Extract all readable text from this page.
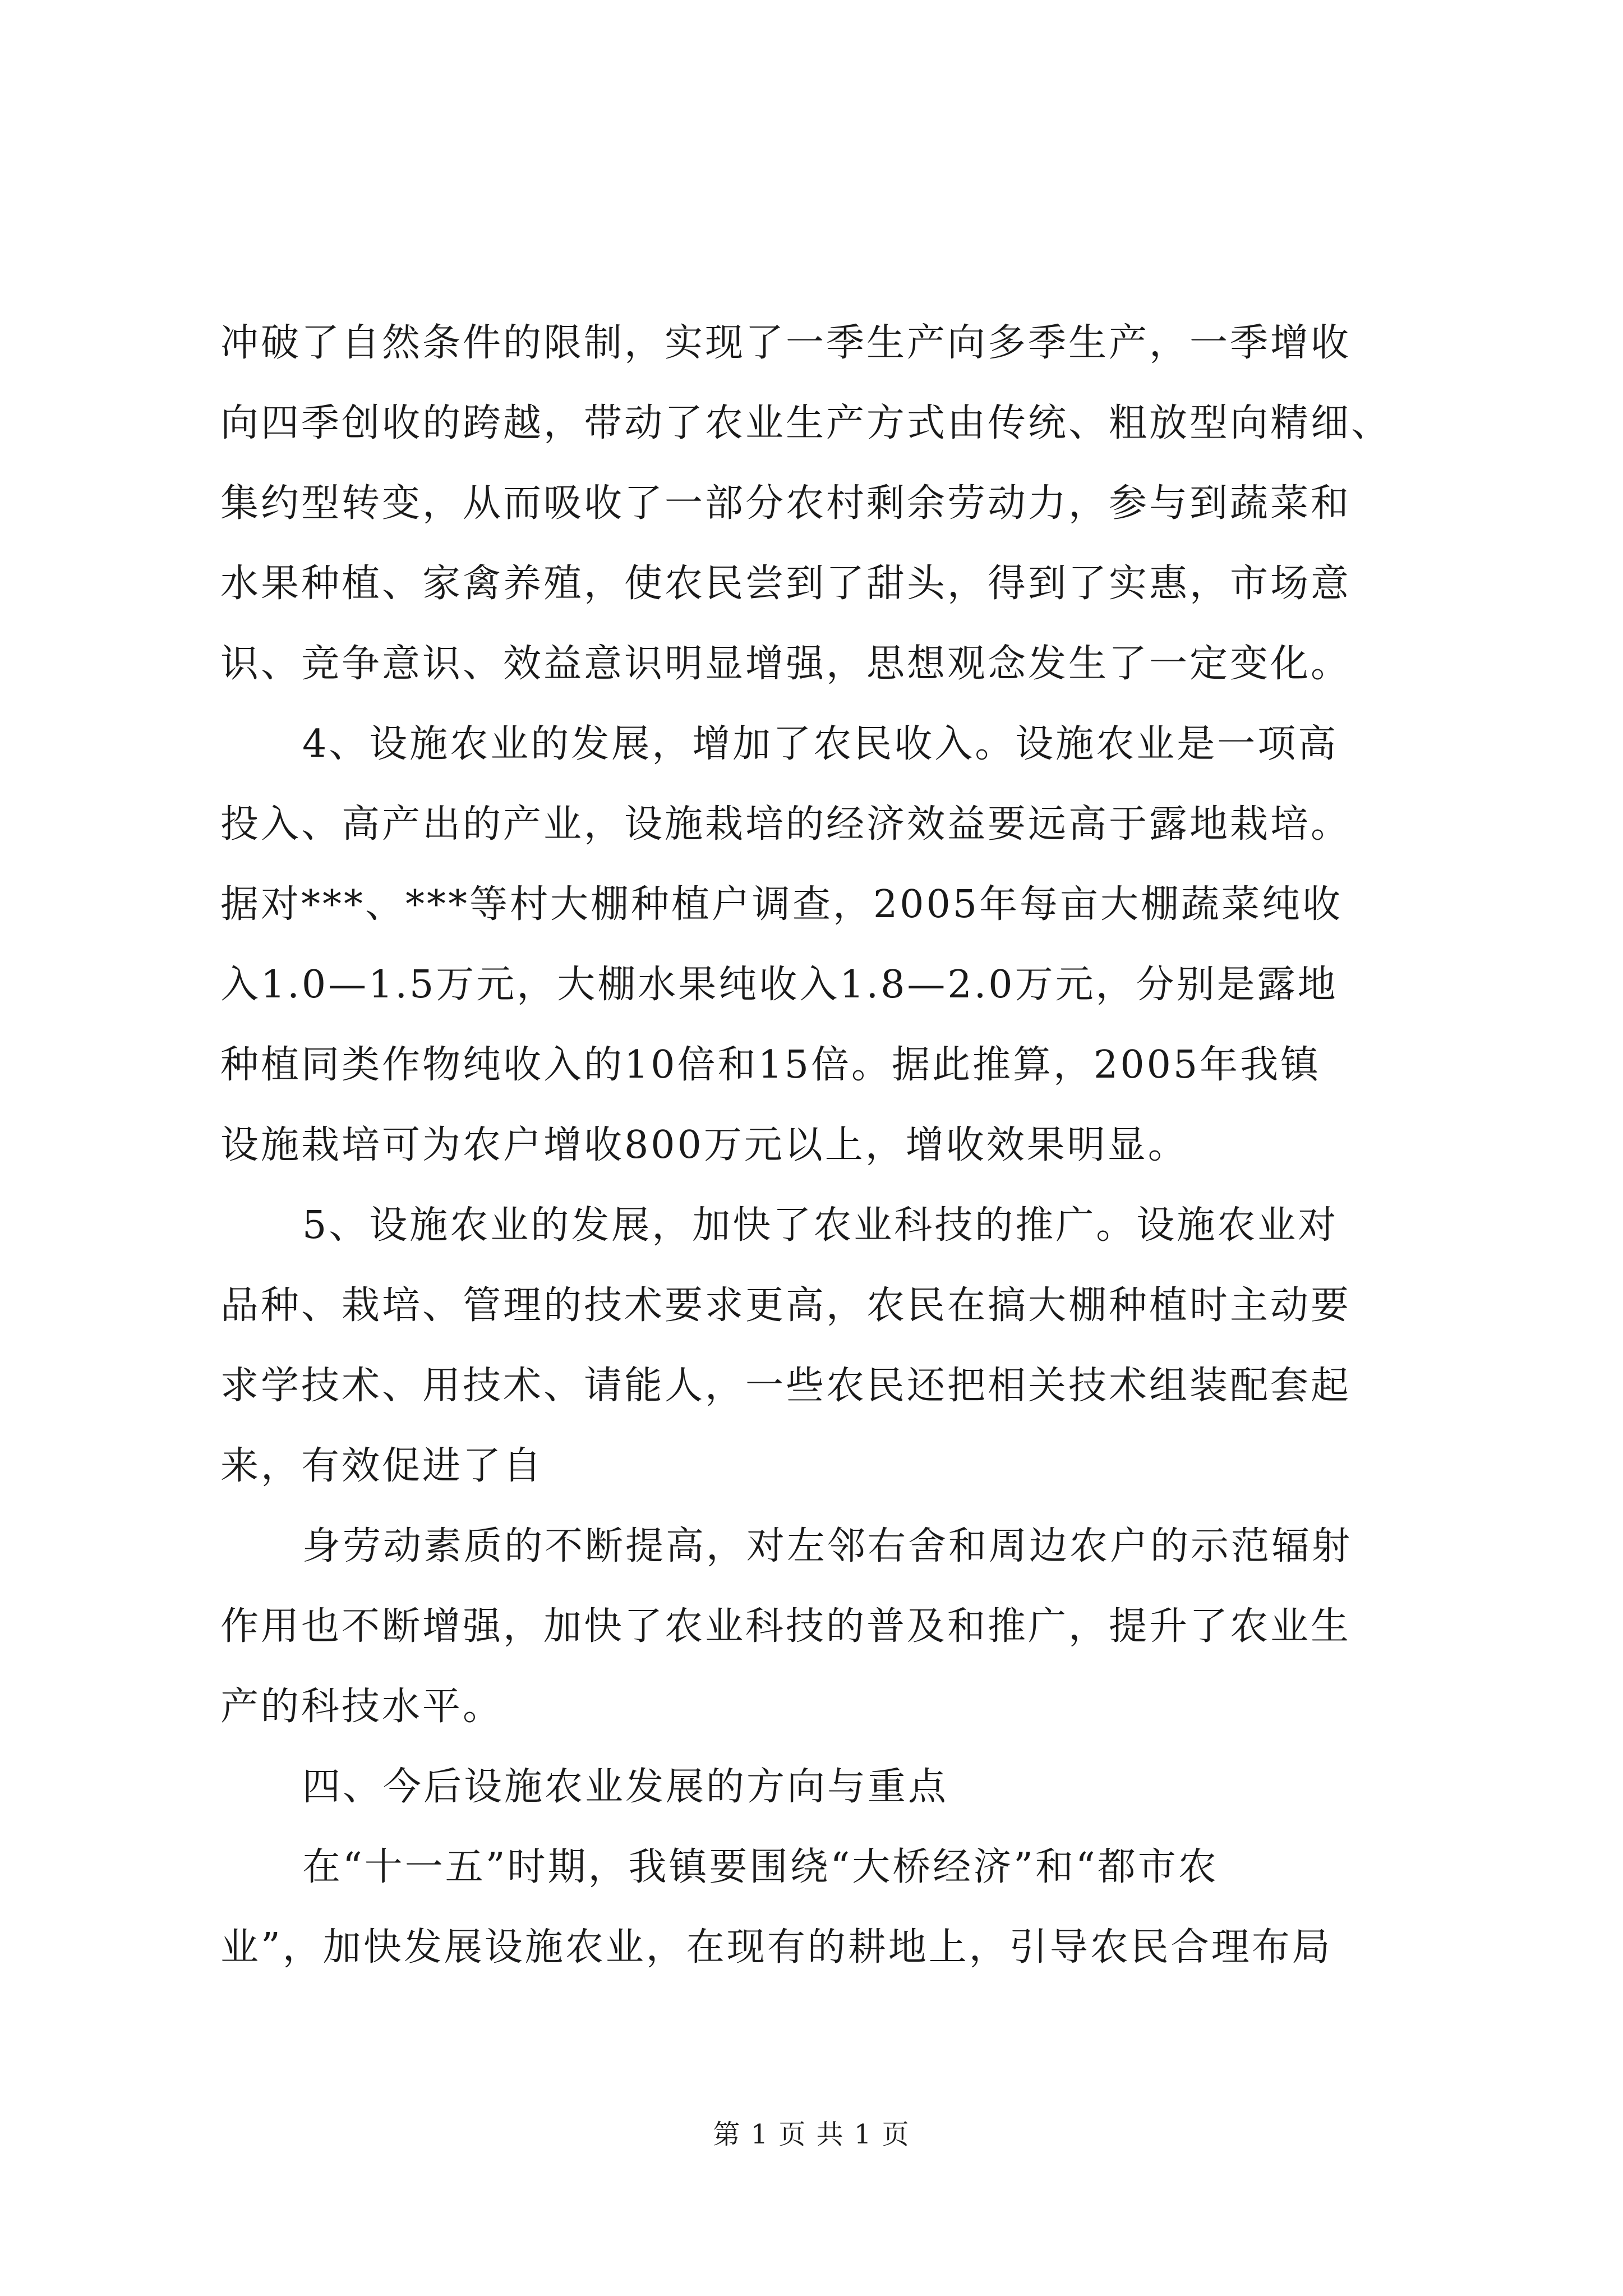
冲破了自然条件的限制，实现了一季生产向多季生产，一季增收
向四季创收的跨越，带动了农业生产方式由传统、粗放型向精细、
集约型转变，从而吸收了一部分农村剩余劳动力，参与到蔬菜和
水果种植、家禽养殖，使农民尝到了甜头，得到了实惠，市场意
识、竞争意识、效益意识明显增强，思想观念发生了一定变化。
4、设施农业的发展，增加了农民收入。设施农业是一项高
投入、高产出的产业，设施栽培的经济效益要远高于露地栽培。
据对***、***等村大棚种植户调查，2005年每亩大棚蔬菜纯收
入1.0—1.5万元，大棚水果纯收入1.8—2.0万元，分别是露地
种植同类作物纯收入的10倍和15倍。据此推算，2005年我镇
设施栽培可为农户增收800万元以上，增收效果明显。
5、设施农业的发展，加快了农业科技的推广。设施农业对
品种、栽培、管理的技术要求更高，农民在搞大棚种植时主动要
求学技术、用技术、请能人，一些农民还把相关技术组装配套起
来，有效促进了自
身劳动素质的不断提高，对左邻右舍和周边农户的示范辐射
作用也不断增强，加快了农业科技的普及和推广，提升了农业生
产的科技水平。
四、今后设施农业发展的方向与重点
在“十一五”时期，我镇要围绕“大桥经济”和“都市农
业”，加快发展设施农业，在现有的耕地上，引导农民合理布局
第 1 页 共 1 页
